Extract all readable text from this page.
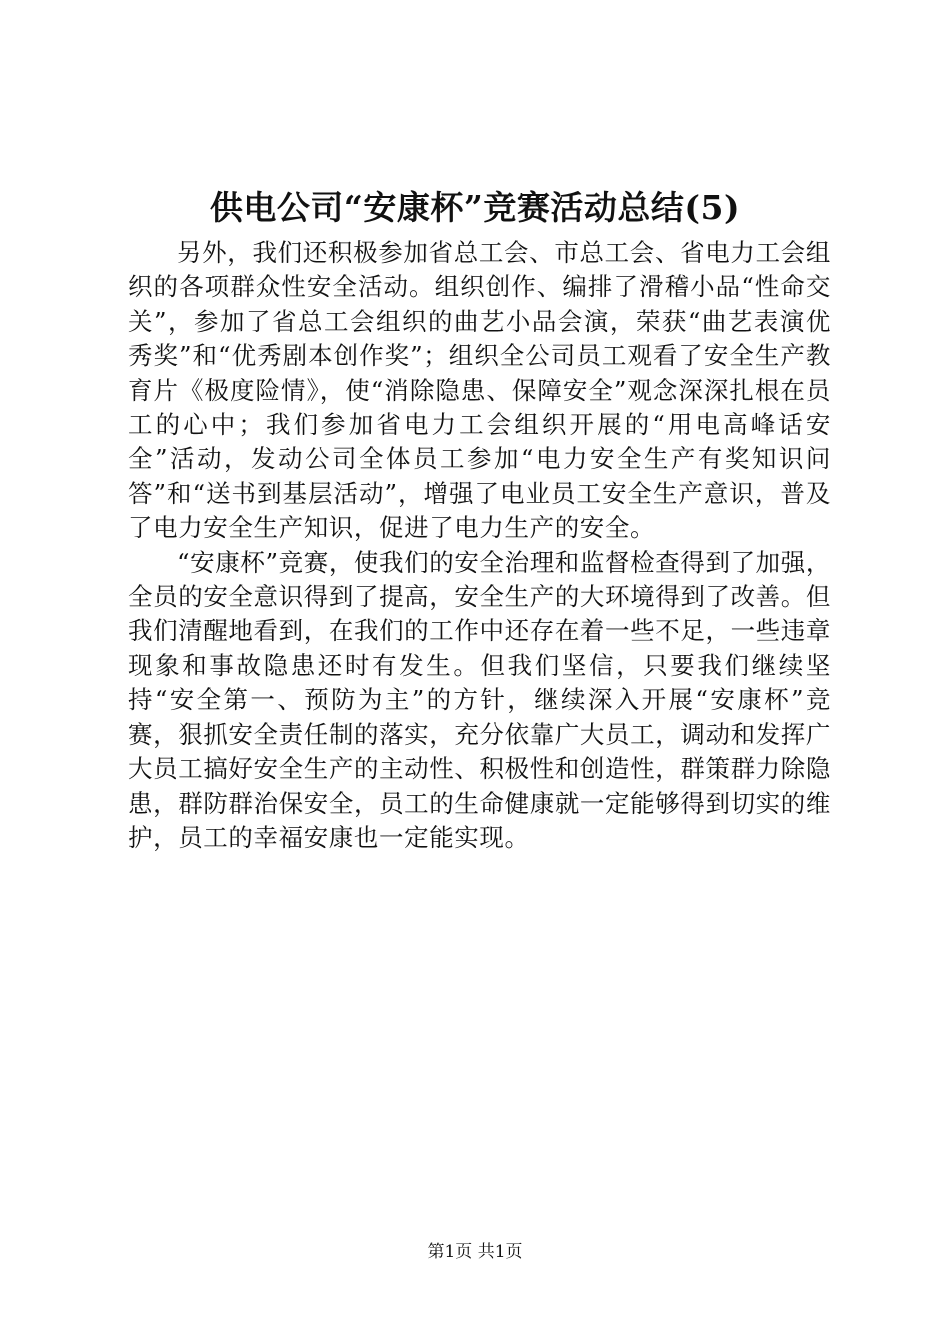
供电公司“安康杯”竞赛活动总结(5)

另外，我们还积极参加省总工会、市总工会、省电力工会组织的各项群众性安全活动。组织创作、编排了滑稽小品“性命交关”，参加了省总工会组织的曲艺小品会演，荣获“曲艺表演优秀奖”和“优秀剧本创作奖”；组织全公司员工观看了安全生产教育片《极度险情》，使“消除隐患、保障安全”观念深深扎根在员工的心中；我们参加省电力工会组织开展的“用电高峰话安全”活动，发动公司全体员工参加“电力安全生产有奖知识问答”和“送书到基层活动”，增强了电业员工安全生产意识，普及了电力安全生产知识，促进了电力生产的安全。

“安康杯”竞赛，使我们的安全治理和监督检查得到了加强，全员的安全意识得到了提高，安全生产的大环境得到了改善。但我们清醒地看到，在我们的工作中还存在着一些不足，一些违章现象和事故隐患还时有发生。但我们坚信，只要我们继续坚持“安全第一、预防为主”的方针，继续深入开展“安康杯”竞赛，狠抓安全责任制的落实，充分依靠广大员工，调动和发挥广大员工搞好安全生产的主动性、积极性和创造性，群策群力除隐患，群防群治保安全，员工的生命健康就一定能够得到切实的维护，员工的幸福安康也一定能实现。

第1页 共1页
